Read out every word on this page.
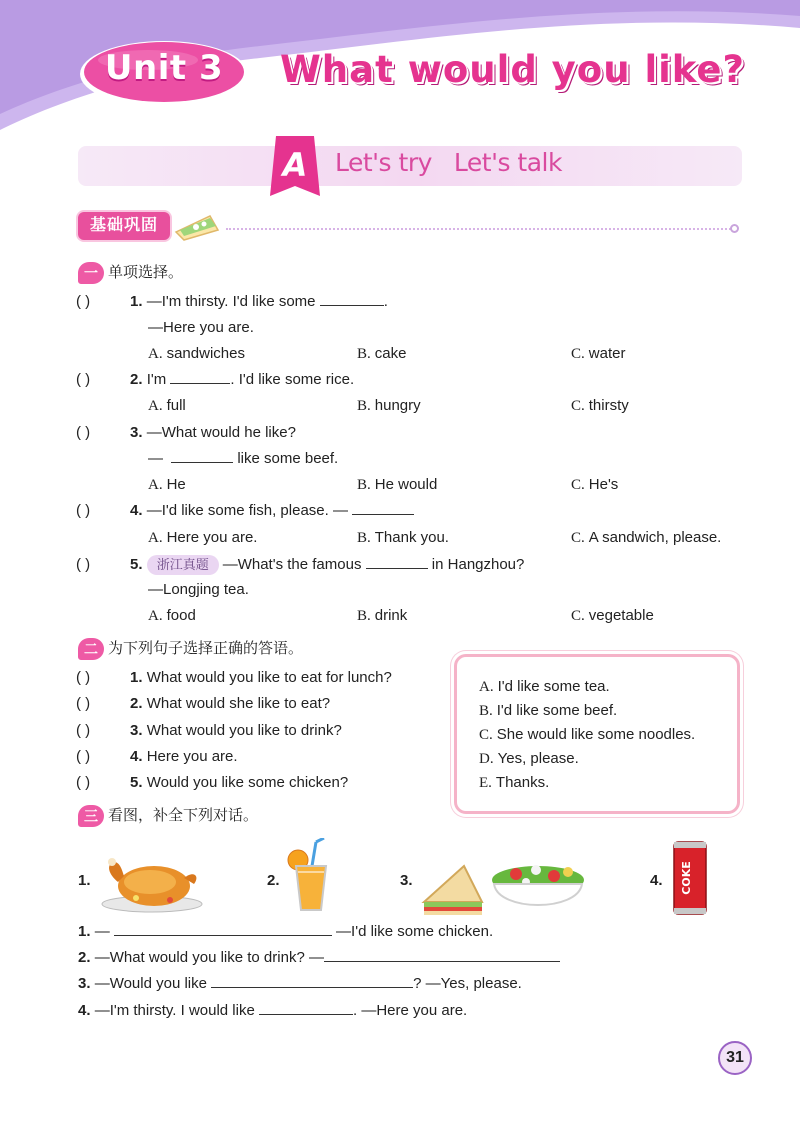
Unit 3	What would you like?
A	Let's try Let's talk
基础巩固
一 单项选择。
( )	1. —I'm thirsty. I'd like some	.
—Here you are.
A. sandwiches	B. cake	C. water
( )	2. I'm	. I'd like some rice.
A. full	B. hungry	C. thirsty
( )	3. —What would he like?
—	like some beef.
A. He	B. He would	C. He's
( )	4. —I'd like some fish, please. —
A. Here you are.	B. Thank you.	C. A sandwich, please.
( )	5. 浙江真题 —What's the famous	in Hangzhou?
—Longjing tea.
A. food	B. drink	C. vegetable
二 为下列句子选择正确的答语。
( )	1. What would you like to eat for lunch?
( )	2. What would she like to eat?
( )	3. What would you like to drink?
( )	4. Here you are.
( )	5. Would you like some chicken?
A. I'd like some tea.
B. I'd like some beef.
C. She would like some noodles.
D. Yes, please.
E. Thanks.
三 看图，补全下列对话。
1.	2.	3.	4. COKE
1. —	—I'd like some chicken.
2. —What would you like to drink? —
3. —Would you like	? —Yes, please.
4. —I'm thirsty. I would like	. —Here you are.
31
